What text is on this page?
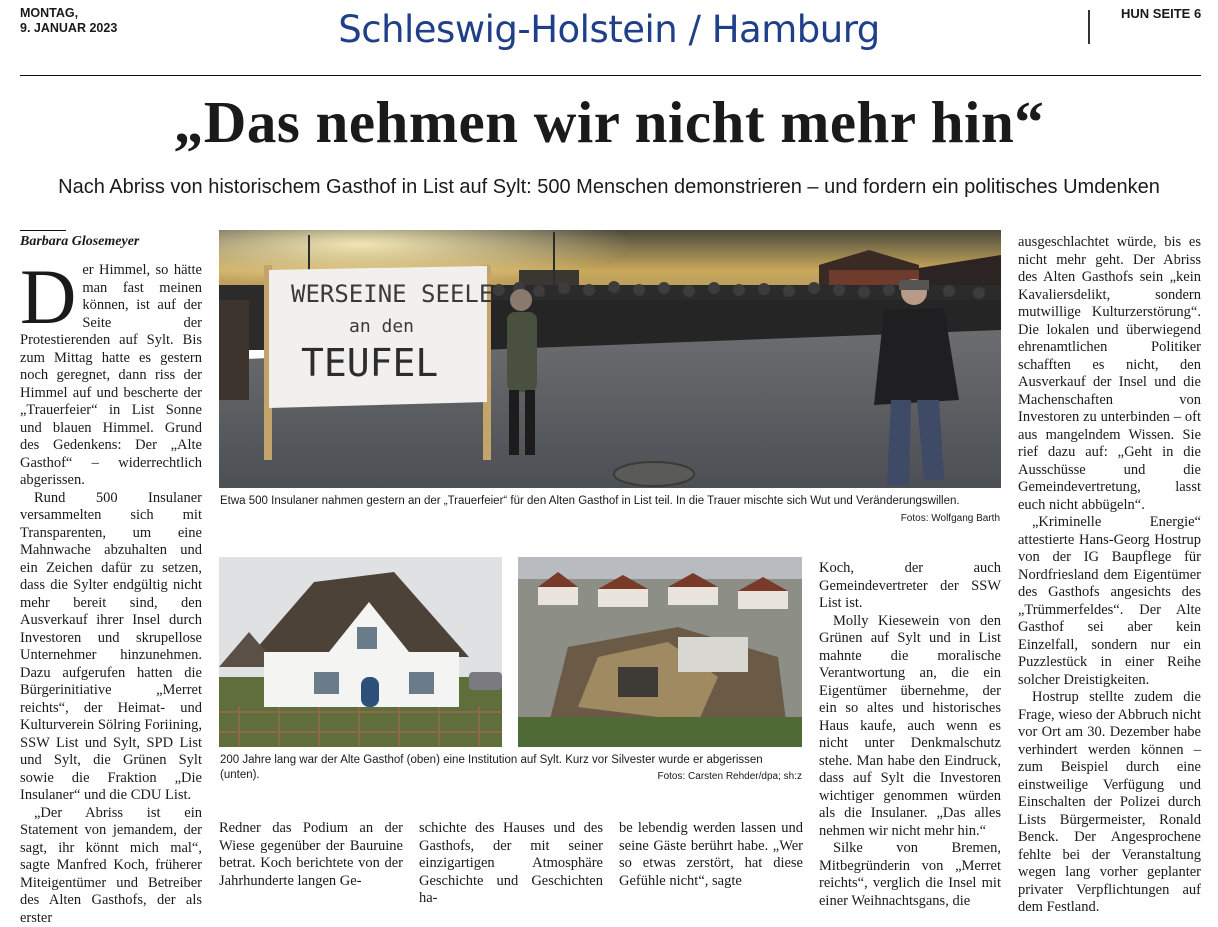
MONTAG,
9. JANUAR 2023	Schleswig-Holstein / Hamburg	HUN SEITE 6
„Das nehmen wir nicht mehr hin“
Nach Abriss von historischem Gasthof in List auf Sylt: 500 Menschen demonstrieren – und fordern ein politisches Umdenken
Barbara Glosemeyer

Der Himmel, so hätte man fast meinen können, ist auf der Seite der Protestierenden auf Sylt. Bis zum Mittag hatte es gestern noch geregnet, dann riss der Himmel auf und bescherte der „Trauerfeier“ in List Sonne und blauen Himmel. Grund des Gedenkens: Der „Alte Gasthof“ – widerrechtlich abgerissen.

Rund 500 Insulaner versammelten sich mit Transparenten, um eine Mahnwache abzuhalten und ein Zeichen dafür zu setzen, dass die Sylter endgültig nicht mehr bereit sind, den Ausverkauf ihrer Insel durch Investoren und skrupellose Unternehmer hinzunehmen. Dazu aufgerufen hatten die Bürgerinitiative „Merret reichts“, der Heimat- und Kulturverein Sölring Foriining, SSW List und Sylt, SPD List und Sylt, die Grünen Sylt sowie die Fraktion „Die Insulaner“ und die CDU List.

„Der Abriss ist ein Statement von jemandem, der sagt, ihr könnt mich mal“, sagte Manfred Koch, früherer Miteigentümer und Betreiber des Alten Gasthofs, der als erster

WERSEINE SEELE
an den
TEUFEL
Etwa 500 Insulaner nahmen gestern an der „Trauerfeier“ für den Alten Gasthof in List teil. In die Trauer mischte sich Wut und Veränderungswillen.
Fotos: Wolfgang Barth
200 Jahre lang war der Alte Gasthof (oben) eine Institution auf Sylt. Kurz vor Silvester wurde er abgerissen (unten).	Fotos: Carsten Rehder/dpa; sh:z

Redner das Podium an der Wiese gegenüber der Bauruine betrat. Koch berichtete von der Jahrhunderte langen Ge-

schichte des Hauses und des Gasthofs, der mit seiner einzigartigen Atmosphäre Geschichte und Geschichten ha-

be lebendig werden lassen und seine Gäste berührt habe. „Wer so etwas zerstört, hat diese Gefühle nicht“, sagte

Koch, der auch Gemeindevertreter der SSW List ist.

Molly Kiesewein von den Grünen auf Sylt und in List mahnte die moralische Verantwortung an, die ein Eigentümer übernehme, der ein so altes und historisches Haus kaufe, auch wenn es nicht unter Denkmalschutz stehe. Man habe den Eindruck, dass auf Sylt die Investoren wichtiger genommen würden als die Insulaner. „Das alles nehmen wir nicht mehr hin.“

Silke von Bremen, Mitbegründerin von „Merret reichts“, verglich die Insel mit einer Weihnachtsgans, die

ausgeschlachtet würde, bis es nicht mehr geht. Der Abriss des Alten Gasthofs sein „kein Kavaliersdelikt, sondern mutwillige Kulturzerstörung“. Die lokalen und überwiegend ehrenamtlichen Politiker schafften es nicht, den Ausverkauf der Insel und die Machenschaften von Investoren zu unterbinden – oft aus mangelndem Wissen. Sie rief dazu auf: „Geht in die Ausschüsse und die Gemeindevertretung, lasst euch nicht abbügeln“.

„Kriminelle Energie“ attestierte Hans-Georg Hostrup von der IG Baupflege für Nordfriesland dem Eigentümer des Gasthofs angesichts des „Trümmerfeldes“. Der Alte Gasthof sei aber kein Einzelfall, sondern nur ein Puzzlestück in einer Reihe solcher Dreistigkeiten.

Hostrup stellte zudem die Frage, wieso der Abbruch nicht vor Ort am 30. Dezember habe verhindert werden können – zum Beispiel durch eine einstweilige Verfügung und Einschalten der Polizei durch Lists Bürgermeister, Ronald Benck. Der Angesprochene fehlte bei der Veranstaltung wegen lang vorher geplanter privater Verpflichtungen auf dem Festland.
